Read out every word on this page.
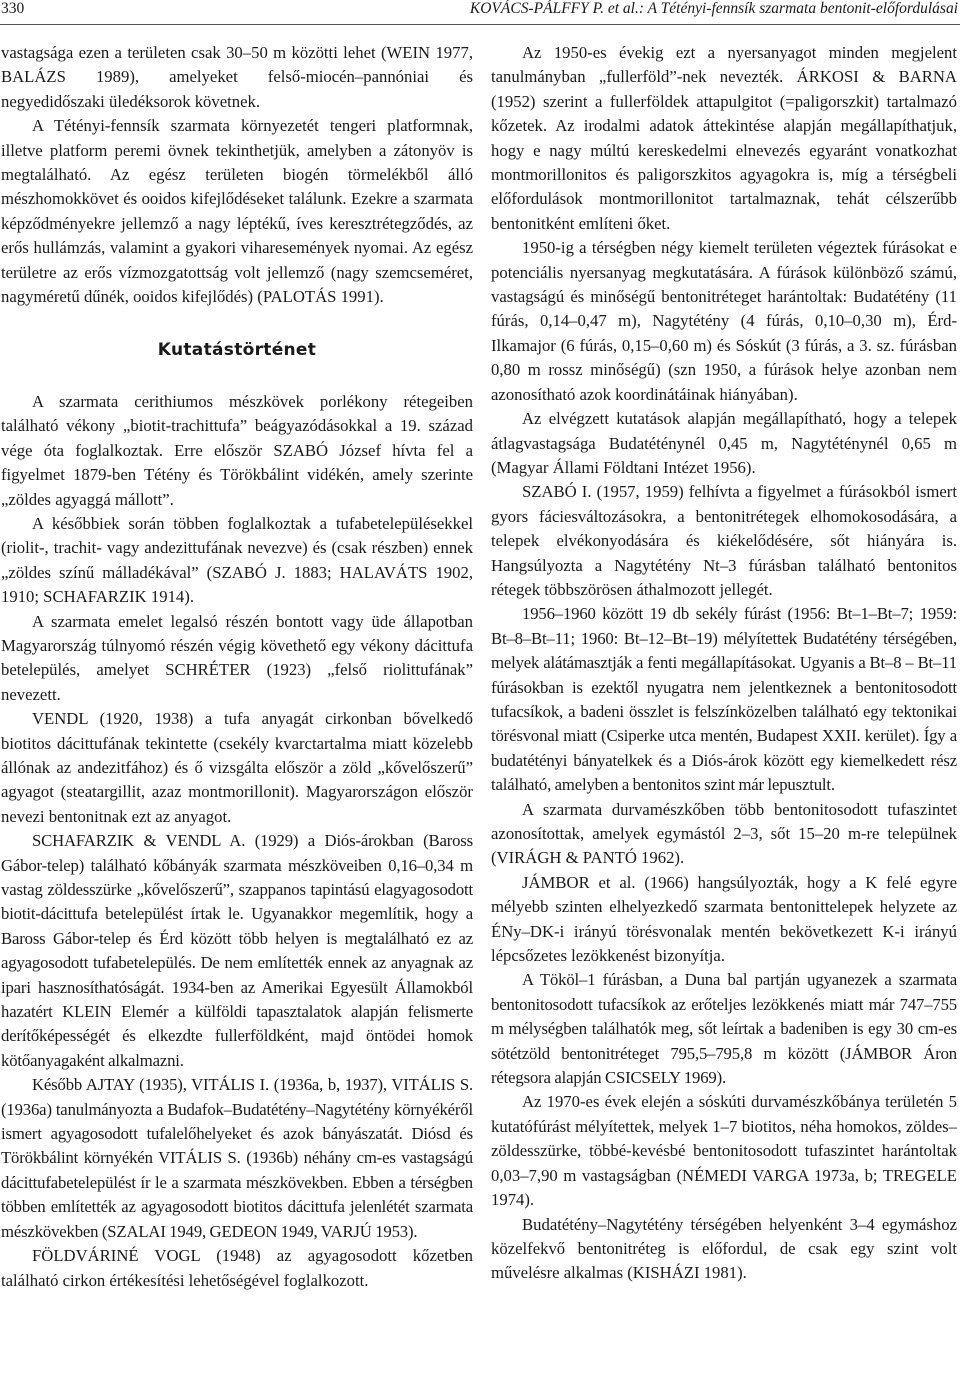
330	KOVÁCS-PÁLFFY P. et al.: A Tétényi-fennsík szarmata bentonit-előfordulásai

vastagsága ezen a területen csak 30–50 m közötti lehet (WEIN 1977, BALÁZS 1989), amelyeket felső-miocén–pannóniai és negyedidőszaki üledéksorok követnek.

A Tétényi-fennsík szarmata környezetét tengeri platformnak, illetve platform peremi övnek tekinthetjük, amelyben a zátonyöv is megtalálható. Az egész területen biogén törmelékből álló mészhomokkövet és ooidos kifejlődéseket találunk. Ezekre a szarmata képződményekre jellemző a nagy léptékű, íves keresztrétegződés, az erős hullámzás, valamint a gyakori viharesemények nyomai. Az egész területre az erős vízmozgatottság volt jellemző (nagy szemcseméret, nagyméretű dűnék, ooidos kifejlődés) (PALOTÁS 1991).

Kutatástörténet

A szarmata cerithiumos mészkövek porlékony rétegeiben található vékony „biotit-trachittufa” beágyazódásokkal a 19. század vége óta foglalkoztak. Erre először SZABÓ József hívta fel a figyelmet 1879-ben Tétény és Törökbálint vidékén, amely szerinte „zöldes agyaggá mállott”.

A későbbiek során többen foglalkoztak a tufabetelepülésekkel (riolit-, trachit- vagy andezittufának nevezve) és (csak részben) ennek „zöldes színű málladékával” (SZABÓ J. 1883; HALAVÁTS 1902, 1910; SCHAFARZIK 1914).

A szarmata emelet legalsó részén bontott vagy üde állapotban Magyarország túlnyomó részén végig követhető egy vékony dácittufa betelepülés, amelyet SCHRÉTER (1923) „felső riolittufának” nevezett.

VENDL (1920, 1938) a tufa anyagát cirkonban bővelkedő biotitos dácittufának tekintette (csekély kvarctartalma miatt közelebb állónak az andezitfához) és ő vizsgálta először a zöld „kővelőszerű” agyagot (steatargillit, azaz montmorillonit). Magyarországon először nevezi bentonitnak ezt az anyagot.

SCHAFARZIK & VENDL A. (1929) a Diós-árokban (Baross Gábor-telep) található kőbányák szarmata mészköveiben 0,16–0,34 m vastag zöldesszürke „kővelőszerű”, szappanos tapintású elagyagosodott biotit-dácittufa betelepülést írtak le. Ugyanakkor megemlítik, hogy a Baross Gábor-telep és Érd között több helyen is megtalálható ez az agyagosodott tufabetelepülés. De nem említették ennek az anyagnak az ipari hasznosíthatóságát. 1934-ben az Amerikai Egyesült Államokból hazatért KLEIN Elemér a külföldi tapasztalatok alapján felismerte derítőképességét és elkezdte fullerföldként, majd öntödei homok kötőanyagaként alkalmazni.

Később AJTAY (1935), VITÁLIS I. (1936a, b, 1937), VITÁLIS S. (1936a) tanulmányozta a Budafok–Budatétény–Nagytétény környékéről ismert agyagosodott tufalelőhelyeket és azok bányászatát. Diósd és Törökbálint környékén VITÁLIS S. (1936b) néhány cm-es vastagságú dácittufabetelepülést ír le a szarmata mészkövekben. Ebben a térségben többen említették az agyagosodott biotitos dácittufa jelenlétét szarmata mészkövekben (SZALAI 1949, GEDEON 1949, VARJÚ 1953).

FÖLDVÁRINÉ VOGL (1948) az agyagosodott kőzetben található cirkon értékesítési lehetőségével foglalkozott.

Az 1950-es évekig ezt a nyersanyagot minden megjelent tanulmányban „fullerföld”-nek nevezték. ÁRKOSI & BARNA (1952) szerint a fullerföldek attapulgitot (=paligorszkit) tartalmazó kőzetek. Az irodalmi adatok áttekintése alapján megállapíthatjuk, hogy e nagy múltú kereskedelmi elnevezés egyaránt vonatkozhat montmorillonitos és paligorszkitos agyagokra is, míg a térségbeli előfordulások montmorillonitot tartalmaznak, tehát célszerűbb bentonitként említeni őket.

1950-ig a térségben négy kiemelt területen végeztek fúrásokat e potenciális nyersanyag megkutatására. A fúrások különböző számú, vastagságú és minőségű bentonitréteget harántoltak: Budatétény (11 fúrás, 0,14–0,47 m), Nagytétény (4 fúrás, 0,10–0,30 m), Érd-Ilkamajor (6 fúrás, 0,15–0,60 m) és Sóskút (3 fúrás, a 3. sz. fúrásban 0,80 m rossz minőségű) (szn 1950, a fúrások helye azonban nem azonosítható azok koordinátáinak hiányában).

Az elvégzett kutatások alapján megállapítható, hogy a telepek átlagvastagsága Budatéténynél 0,45 m, Nagytéténynél 0,65 m (Magyar Állami Földtani Intézet 1956).

SZABÓ I. (1957, 1959) felhívta a figyelmet a fúrásokból ismert gyors fáciesváltozásokra, a bentonitrétegek elhomokosodására, a telepek elvékonyodására és kiékelődésére, sőt hiányára is. Hangsúlyozta a Nagytétény Nt–3 fúrásban található bentonitos rétegek többszörösen áthalmozott jellegét.

1956–1960 között 19 db sekély fúrást (1956: Bt–1–Bt–7; 1959: Bt–8–Bt–11; 1960: Bt–12–Bt–19) mélyítettek Budatétény térségében, melyek alátámasztják a fenti megállapításokat. Ugyanis a Bt–8 – Bt–11 fúrásokban is ezektől nyugatra nem jelentkeznek a bentonitosodott tufacsíkok, a badeni összlet is felszínközelben található egy tektonikai törésvonal miatt (Csiperke utca mentén, Budapest XXII. kerület). Így a budatétényi bányatelkek és a Diós-árok között egy kiemelkedett rész található, amelyben a bentonitos szint már lepusztult.

A szarmata durvamészkőben több bentonitosodott tufaszintet azonosítottak, amelyek egymástól 2–3, sőt 15–20 m-re települnek (VIRÁGH & PANTÓ 1962).

JÁMBOR et al. (1966) hangsúlyozták, hogy a K felé egyre mélyebb szinten elhelyezkedő szarmata bentonittelepek helyzete az ÉNy–DK-i irányú törésvonalak mentén bekövetkezett K-i irányú lépcsőzetes lezökkenést bizonyítja.

A Tököl–1 fúrásban, a Duna bal partján ugyanezek a szarmata bentonitosodott tufacsíkok az erőteljes lezökkenés miatt már 747–755 m mélységben találhatók meg, sőt leírtak a badeniben is egy 30 cm-es sötétzöld bentonitréteget 795,5–795,8 m között (JÁMBOR Áron rétegsora alapján CSICSELY 1969).

Az 1970-es évek elején a sóskúti durvamészkőbánya területén 5 kutatófúrást mélyítettek, melyek 1–7 biotitos, néha homokos, zöldes–zöldesszürke, többé-kevésbé bentonitosodott tufaszintet harántoltak 0,03–7,90 m vastagságban (NÉMEDI VARGA 1973a, b; TREGELE 1974).

Budatétény–Nagytétény térségében helyenként 3–4 egymáshoz közelfekvő bentonitréteg is előfordul, de csak egy szint volt művelésre alkalmas (KISHÁZI 1981).
